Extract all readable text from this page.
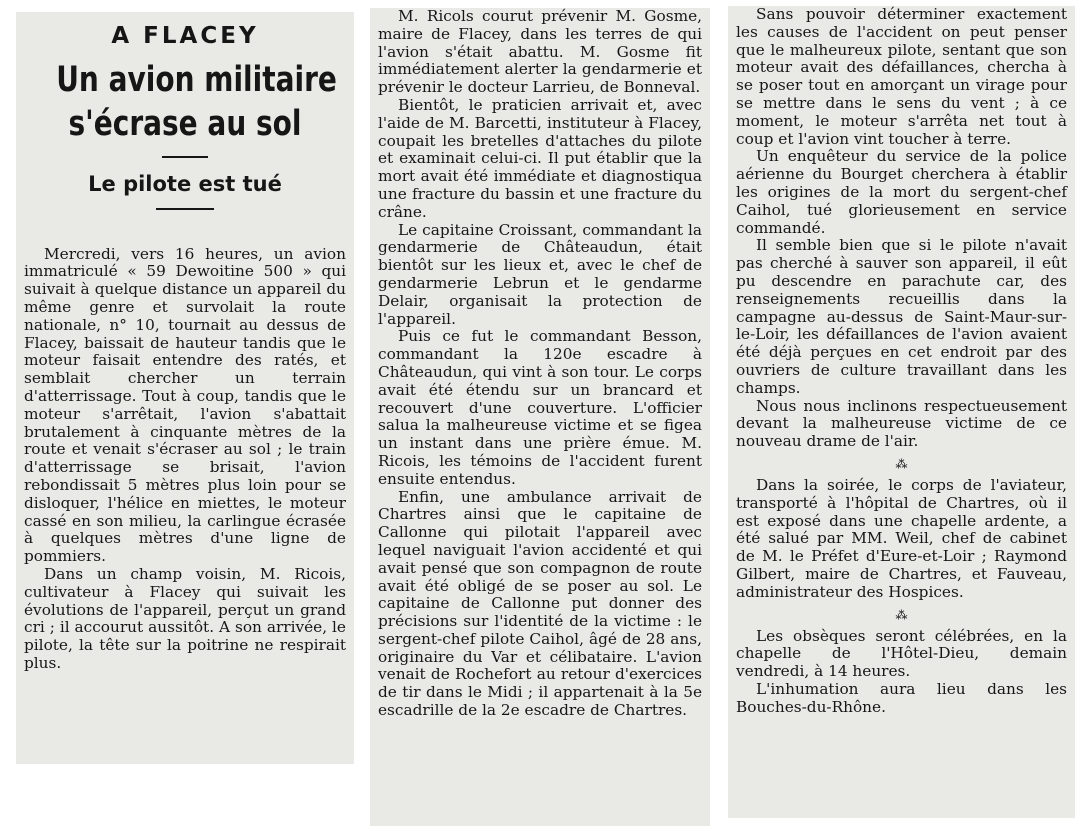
A FLACEY
Un avion militaire
s'écrase au sol
Le pilote est tué

Mercredi, vers 16 heures, un avion immatriculé « 59 Dewoitine 500 » qui suivait à quelque distance un appareil du même genre et survolait la route nationale, n° 10, tournait au dessus de Flacey, baissait de hauteur tandis que le moteur faisait entendre des ratés, et semblait chercher un terrain d'atterrissage. Tout à coup, tandis que le moteur s'arrêtait, l'avion s'abattait brutalement à cinquante mètres de la route et venait s'écraser au sol ; le train d'atterrissage se brisait, l'avion rebondissait 5 mètres plus loin pour se disloquer, l'hélice en miettes, le moteur cassé en son milieu, la carlingue écrasée à quelques mètres d'une ligne de pommiers.

Dans un champ voisin, M. Ricois, cultivateur à Flacey qui suivait les évolutions de l'appareil, perçut un grand cri ; il accourut aussitôt. A son arrivée, le pilote, la tête sur la poitrine ne respirait plus.

M. Ricols courut prévenir M. Gosme, maire de Flacey, dans les terres de qui l'avion s'était abattu. M. Gosme fit immédiatement alerter la gendarmerie et prévenir le docteur Larrieu, de Bonneval.

Bientôt, le praticien arrivait et, avec l'aide de M. Barcetti, instituteur à Flacey, coupait les bretelles d'attaches du pilote et examinait celui-ci. Il put établir que la mort avait été immédiate et diagnostiqua une fracture du bassin et une fracture du crâne.

Le capitaine Croissant, commandant la gendarmerie de Châteaudun, était bientôt sur les lieux et, avec le chef de gendarmerie Lebrun et le gendarme Delair, organisait la protection de l'appareil.

Puis ce fut le commandant Besson, commandant la 120e escadre à Châteaudun, qui vint à son tour. Le corps avait été étendu sur un brancard et recouvert d'une couverture. L'officier salua la malheureuse victime et se figea un instant dans une prière émue. M. Ricois, les témoins de l'accident furent ensuite entendus.

Enfin, une ambulance arrivait de Chartres ainsi que le capitaine de Callonne qui pilotait l'appareil avec lequel naviguait l'avion accidenté et qui avait pensé que son compagnon de route avait été obligé de se poser au sol. Le capitaine de Callonne put donner des précisions sur l'identité de la victime : le sergent-chef pilote Caihol, âgé de 28 ans, originaire du Var et célibataire. L'avion venait de Rochefort au retour d'exercices de tir dans le Midi ; il appartenait à la 5e escadrille de la 2e escadre de Chartres.

Sans pouvoir déterminer exactement les causes de l'accident on peut penser que le malheureux pilote, sentant que son moteur avait des défaillances, chercha à se poser tout en amorçant un virage pour se mettre dans le sens du vent ; à ce moment, le moteur s'arrêta net tout à coup et l'avion vint toucher à terre.

Un enquêteur du service de la police aérienne du Bourget cherchera à établir les origines de la mort du sergent-chef Caihol, tué glorieusement en service commandé.

Il semble bien que si le pilote n'avait pas cherché à sauver son appareil, il eût pu descendre en parachute car, des renseignements recueillis dans la campagne au-dessus de Saint-Maur-sur-le-Loir, les défaillances de l'avion avaient été déjà perçues en cet endroit par des ouvriers de culture travaillant dans les champs.

Nous nous inclinons respectueusement devant la malheureuse victime de ce nouveau drame de l'air.

⁂

Dans la soirée, le corps de l'aviateur, transporté à l'hôpital de Chartres, où il est exposé dans une chapelle ardente, a été salué par MM. Weil, chef de cabinet de M. le Préfet d'Eure-et-Loir ; Raymond Gilbert, maire de Chartres, et Fauveau, administrateur des Hospices.

⁂

Les obsèques seront célébrées, en la chapelle de l'Hôtel-Dieu, demain vendredi, à 14 heures.

L'inhumation aura lieu dans les Bouches-du-Rhône.
